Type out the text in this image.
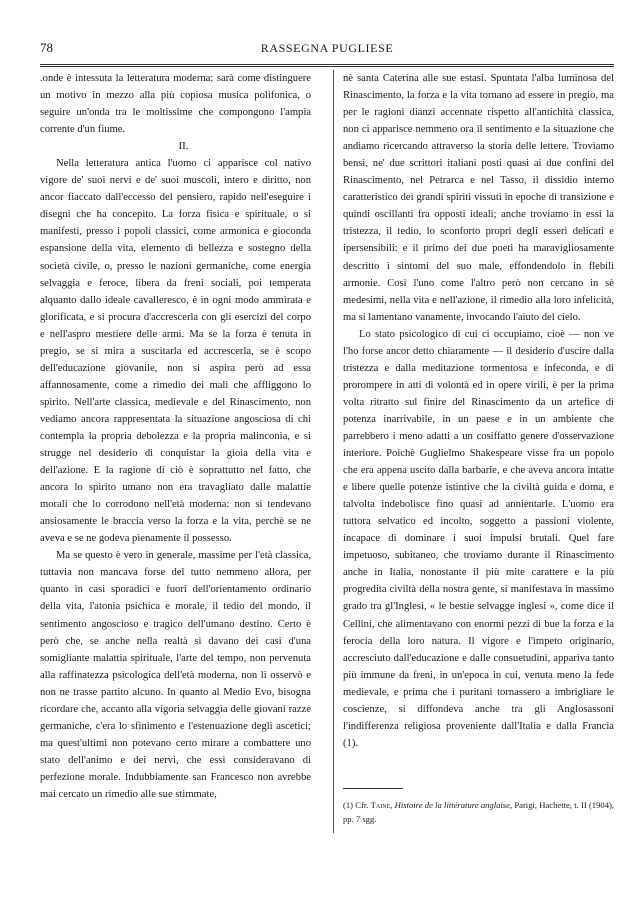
78	RASSEGNA PUGLIESE

.onde è intessuta la letteratura moderna: sarà come distinguere un motivo in mezzo alla più copiosa musica polifonica, o seguire un'onda tra le moltissime che compongono l'ampia corrente d'un fiume.

II.

Nella letteratura antica l'uomo ci apparisce col nativo vigore de' suoi nervi e de' suoi muscoli, intero e diritto, non ancor fiaccato dall'eccesso del pensiero, rapido nell'eseguire i disegni che ha concepito. La forza fisica e spirituale, o si manifesti, presso i popoli classici, come armonica e gioconda espansione della vita, elemento di bellezza e sostegno della società civile, o, presso le nazioni germaniche, come energia selvaggia e feroce, libera da freni sociali, poi temperata alquanto dallo ideale cavalleresco, è in ogni modo ammirata e glorificata, e si procura d'accrescerla con gli esercizi del corpo e nell'aspro mestiere delle armi. Ma se la forza è tenuta in pregio, se si mira a suscitarla ed accrescerla, se è scopo dell'educazione giovanile, non si aspira però ad essa affannosamente, come a rimedio dei mali che affliggono lo spirito. Nell'arte classica, medievale e del Rinascimento, non vediamo ancora rappresentata la situazione angosciosa di chi contempla la propria debolezza e la propria malinconia, e si strugge nel desiderio di conquistar la gioia della vita e dell'azione. E la ragione di ciò è soprattutto nel fatto, che ancora lo spirito umano non era travagliato dalle malattie morali che lo corrodono nell'età moderna: non si tendevano ansiosamente le braccia verso la forza e la vita, perchè se ne aveva e se ne godeva pienamente il possesso.

Ma se questo è vero in generale, massime per l'età classica, tuttavia non mancava forse del tutto nemmeno allora, per quanto in casi sporadici e fuori dell'orientamento ordinario della vita, l'atonia psichica e morale, il tedio del mondo, il sentimento angoscioso e tragico dell'umano destino. Certo è però che, se anche nella realtà si davano dei casi d'una somigliante malattia spirituale, l'arte del tempo, non pervenuta alla raffinatezza psicologica dell'età moderna, non li osservò e non ne trasse partito alcuno. In quanto al Medio Evo, bisogna ricordare che, accanto alla vigoria selvaggia delle giovani razze germaniche, c'era lo sfinimento e l'estenuazione degli ascetici; ma quest'ultimi non potevano certo mirare a combattere uno stato dell'animo e dei nervi, che essi consideravano di perfezione morale. Indubbiamente san Francesco non avrebbe mai cercato un rimedio alle sue stimmate,

nè santa Caterina alle sue estasi. Spuntata l'alba luminosa del Rinascimento, la forza e la vita tornano ad essere in pregio, ma per le ragioni dianzi accennate rispetto all'antichità classica, non ci apparisce nemmeno ora il sentimento e la situazione che andiamo ricercando attraverso la storia delle lettere. Troviamo bensì, ne' due scrittori italiani posti quasi ai due confini del Rinascimento, nel Petrarca e nel Tasso, il dissidio interno caratteristico dei grandi spiriti vissuti in epoche di transizione e quindi oscillanti fra opposti ideali; anche troviamo in essi la tristezza, il tedio, lo sconforto propri degli esseri delicati e ipersensibili: e il primo dei due poeti ha maravigliosamente descritto i sintomi del suo male, effondendolo in flebili armonie. Così l'uno come l'altro però non cercano in sè medesimi, nella vita e nell'azione, il rimedio alla loro infelicità, ma si lamentano vanamente, invocando l'aiuto del cielo.

Lo stato psicologico di cui ci occupiamo, cioè — non ve l'ho forse ancor detto chiaramente — il desiderio d'uscire dalla tristezza e dalla meditazione tormentosa e infeconda, e di prorompere in atti di volontà ed in opere virili, è per la prima volta ritratto sul finire del Rinascimento da un artefice di potenza inarrivabile, in un paese e in un ambiente che parrebbero i meno adatti a un cosiffatto genere d'osservazione interiore. Poichè Guglielmo Shakespeare visse fra un popolo che era appena uscito dalla barbarie, e che aveva ancora intatte e libere quelle potenze istintive che la civiltà guida e doma, e talvolta indebolisce fino quasi ad annientarle. L'uomo era tuttora selvatico ed incolto, soggetto a passioni violente, incapace di dominare i suoi impulsi brutali. Quel fare impetuoso, subitaneo, che troviamo durante il Rinascimento anche in Italia, nonostante il più mite carattere e la più progredita civiltà della nostra gente, si manifestava in massimo grado tra gl'Inglesi, « le bestie selvagge inglesi », come dice il Cellini, che alimentavano con enormi pezzi di bue la forza e la ferocia della loro natura. Il vigore e l'impeto originario, accresciuto dall'educazione e dalle consuetudini, appariva tanto più immune da freni, in un'epoca in cui, venuta meno la fede medievale, e prima che i puritani tornassero a imbrigliare le coscienze, si diffondeva anche tra gli Anglosassoni l'indifferenza religiosa proveniente dall'Italia e dalla Francia (1).

(1) Cfr. Taine, Histoire de la littérature anglaise, Parigi, Hachette, t. II (1904), pp. 7 sgg.
